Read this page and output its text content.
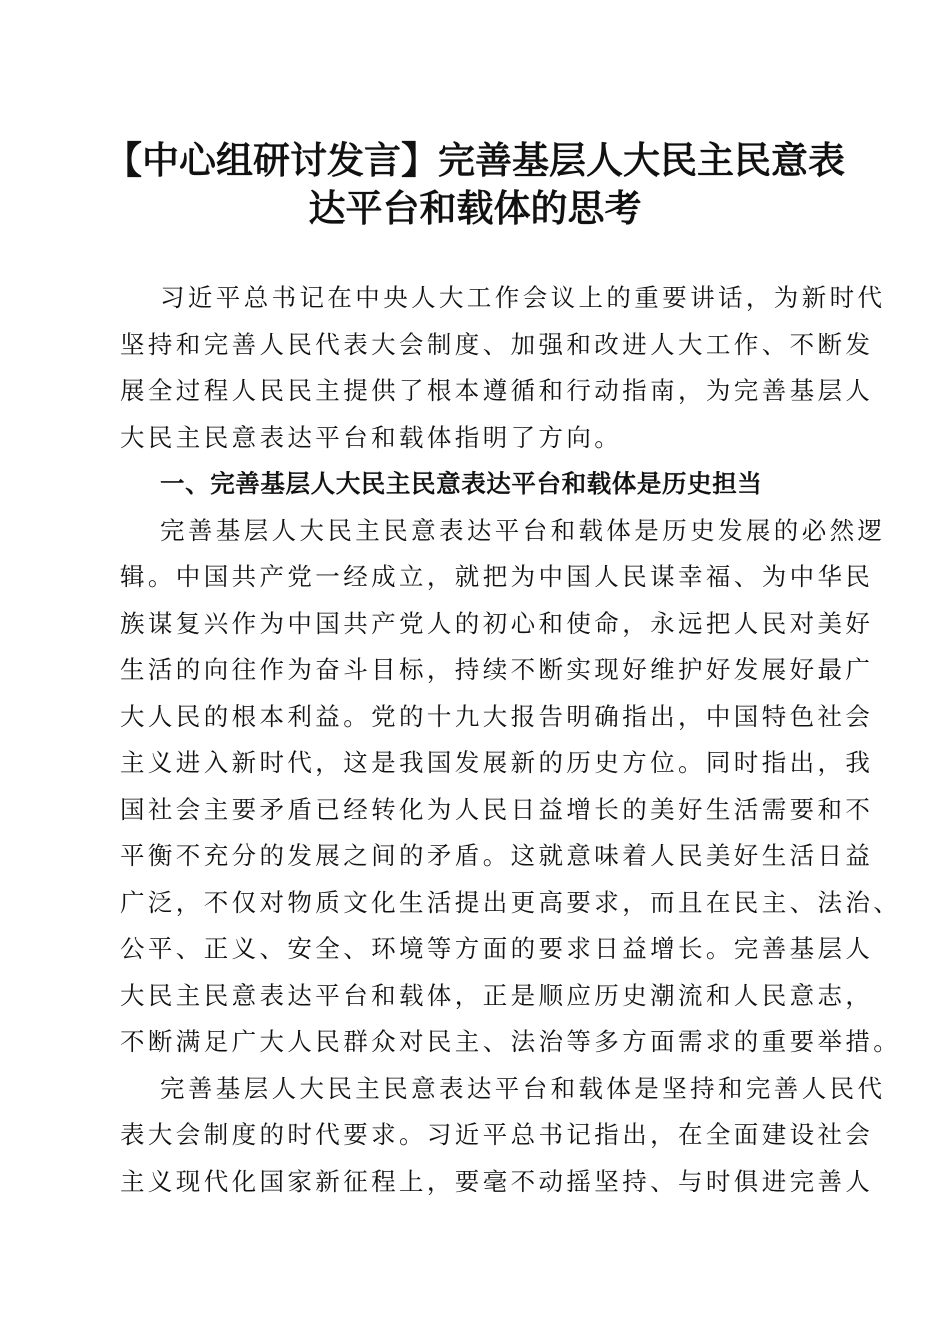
【中心组研讨发言】完善基层人大民主民意表
达平台和载体的思考
习近平总书记在中央人大工作会议上的重要讲话，为新时代
坚持和完善人民代表大会制度、加强和改进人大工作、不断发
展全过程人民民主提供了根本遵循和行动指南，为完善基层人
大民主民意表达平台和载体指明了方向。
一、完善基层人大民主民意表达平台和载体是历史担当
完善基层人大民主民意表达平台和载体是历史发展的必然逻
辑。中国共产党一经成立，就把为中国人民谋幸福、为中华民
族谋复兴作为中国共产党人的初心和使命，永远把人民对美好
生活的向往作为奋斗目标，持续不断实现好维护好发展好最广
大人民的根本利益。党的十九大报告明确指出，中国特色社会
主义进入新时代，这是我国发展新的历史方位。同时指出，我
国社会主要矛盾已经转化为人民日益增长的美好生活需要和不
平衡不充分的发展之间的矛盾。这就意味着人民美好生活日益
广泛，不仅对物质文化生活提出更高要求，而且在民主、法治、
公平、正义、安全、环境等方面的要求日益增长。完善基层人
大民主民意表达平台和载体，正是顺应历史潮流和人民意志，
不断满足广大人民群众对民主、法治等多方面需求的重要举措。
完善基层人大民主民意表达平台和载体是坚持和完善人民代
表大会制度的时代要求。习近平总书记指出，在全面建设社会
主义现代化国家新征程上，要毫不动摇坚持、与时俱进完善人
